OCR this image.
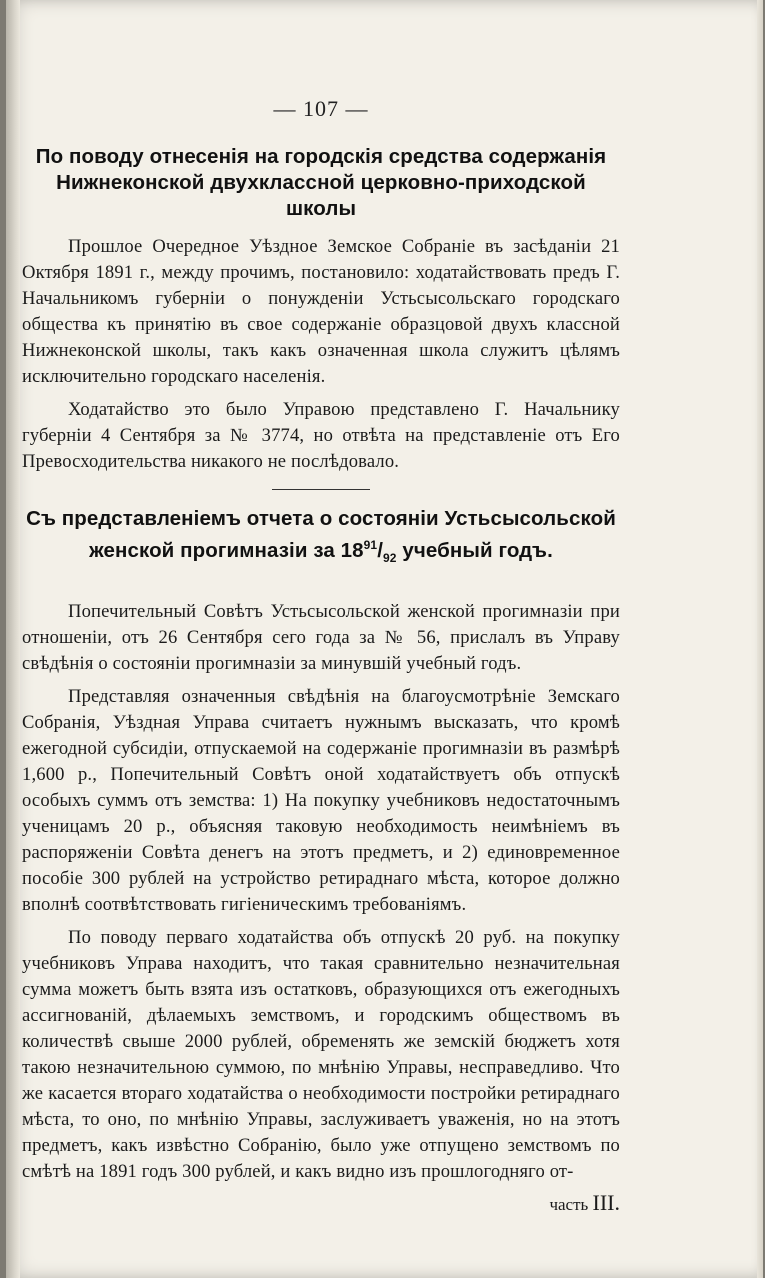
— 107 —
По поводу отнесенія на городскія средства содержанія Нижнеконской двухклассной церковно-приходской школы

Прошлое Очередное Уѣздное Земское Собраніе въ засѣданіи 21 Октября 1891 г., между прочимъ, постановило: ходатайствовать предъ Г. Начальникомъ губерніи о понужденіи Устьсысольскаго городскаго общества къ принятію въ свое содержаніе образцовой двухъ классной Нижнеконской школы, такъ какъ означенная школа служитъ цѣлямъ исключительно городскаго населенія.

Ходатайство это было Управою представлено Г. Начальнику губерніи 4 Сентября за № 3774, но отвѣта на представленіе отъ Его Превосходительства никакого не послѣдовало.

Съ представленіемъ отчета о состояніи Устьсысольской женской прогимназіи за $18^{91}/_{92}$ учебный годъ.

Попечительный Совѣтъ Устьсысольской женской прогимназіи при отношеніи, отъ 26 Сентября сего года за № 56, прислалъ въ Управу свѣдѣнія о состояніи прогимназіи за минувшій учебный годъ.

Представляя означенныя свѣдѣнія на благоусмотрѣніе Земскаго Собранія, Уѣздная Управа считаетъ нужнымъ высказать, что кромѣ ежегодной субсидіи, отпускаемой на содержаніе прогимназіи въ размѣрѣ 1,600 р., Попечительный Совѣтъ оной ходатайствуетъ объ отпускѣ особыхъ суммъ отъ земства: 1) На покупку учебниковъ недостаточнымъ ученицамъ 20 р., объясняя таковую необходимость неимѣніемъ въ распоряженіи Совѣта денегъ на этотъ предметъ, и 2) единовременное пособіе 300 рублей на устройство ретираднаго мѣста, которое должно вполнѣ соотвѣтствовать гигіеническимъ требованіямъ.

По поводу перваго ходатайства объ отпускѣ 20 руб. на покупку учебниковъ Управа находитъ, что такая сравнительно незначительная сумма можетъ быть взята изъ остатковъ, образующихся отъ ежегодныхъ ассигнованій, дѣлаемыхъ земствомъ, и городскимъ обществомъ въ количествѣ свыше 2000 рублей, обременять же земскій бюджетъ хотя такою незначительною суммою, по мнѣнію Управы, несправедливо. Что же касается втораго ходатайства о необходимости постройки ретираднаго мѣста, то оно, по мнѣнію Управы, заслуживаетъ уваженія, но на этотъ предметъ, какъ извѣстно Собранію, было уже отпущено земствомъ по смѣтѣ на 1891 годъ 300 рублей, и какъ видно изъ прошлогодняго от-

часть III.
